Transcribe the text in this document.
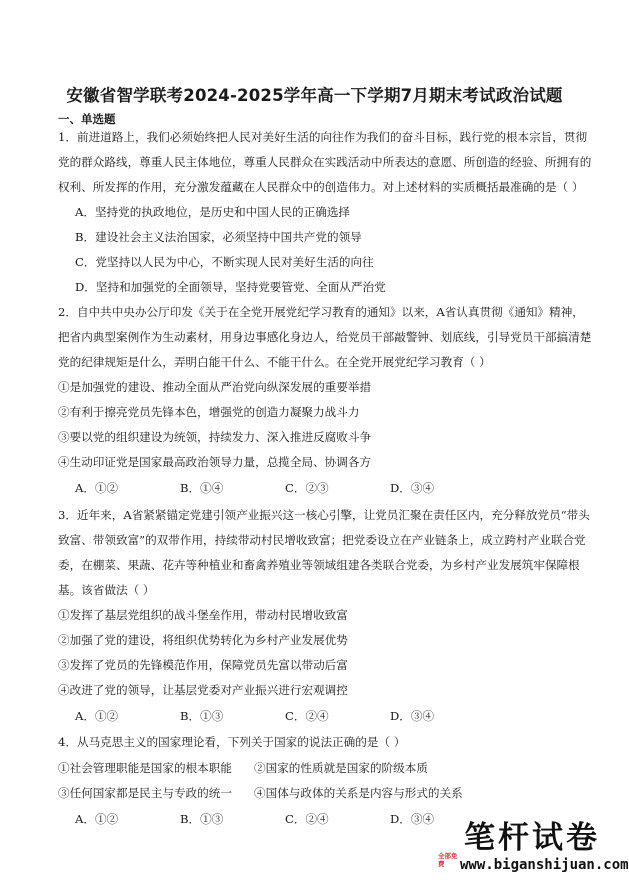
安徽省智学联考2024-2025学年高一下学期7月期末考试政治试题
一、单选题
1．前进道路上，我们必须始终把人民对美好生活的向往作为我们的奋斗目标，践行党的根本宗旨，贯彻
党的群众路线，尊重人民主体地位，尊重人民群众在实践活动中所表达的意愿、所创造的经验、所拥有的
权利、所发挥的作用，充分激发蕴藏在人民群众中的创造伟力。对上述材料的实质概括最准确的是（ ）
A．坚持党的执政地位，是历史和中国人民的正确选择
B．建设社会主义法治国家，必须坚持中国共产党的领导
C．党坚持以人民为中心，不断实现人民对美好生活的向往
D．坚持和加强党的全面领导，坚持党要管党、全面从严治党
2．自中共中央办公厅印发《关于在全党开展党纪学习教育的通知》以来，A省认真贯彻《通知》精神，
把省内典型案例作为生动素材，用身边事感化身边人，给党员干部敲警钟、划底线，引导党员干部搞清楚
党的纪律规矩是什么，弄明白能干什么、不能干什么。在全党开展党纪学习教育（ ）
①是加强党的建设、推动全面从严治党向纵深发展的重要举措
②有利于擦亮党员先锋本色，增强党的创造力凝聚力战斗力
③要以党的组织建设为统领，持续发力、深入推进反腐败斗争
④生动印证党是国家最高政治领导力量，总揽全局、协调各方
A．①②	B．①④	C．②③	D．③④
3．近年来，A省紧紧锚定党建引领产业振兴这一核心引擎，让党员汇聚在责任区内，充分释放党员“带头
致富、带领致富”的双带作用，持续带动村民增收致富；把党委设立在产业链条上，成立跨村产业联合党
委，在棚菜、果蔬、花卉等种植业和畜禽养殖业等领域组建各类联合党委，为乡村产业发展筑牢保障根
基。该省做法（ ）
①发挥了基层党组织的战斗堡垒作用，带动村民增收致富
②加强了党的建设，将组织优势转化为乡村产业发展优势
③发挥了党员的先锋模范作用，保障党员先富以带动后富
④改进了党的领导，让基层党委对产业振兴进行宏观调控
A．①②	B．①③	C．②④	D．③④
4．从马克思主义的国家理论看，下列关于国家的说法正确的是（ ）
①社会管理职能是国家的根本职能 ②国家的性质就是国家的阶级本质
③任何国家都是民主与专政的统一 ④国体与政体的关系是内容与形式的关系
A．①②	B．①③	C．②④	D．③④
笔杆试卷
全部免费	www.biganshijuan.com
